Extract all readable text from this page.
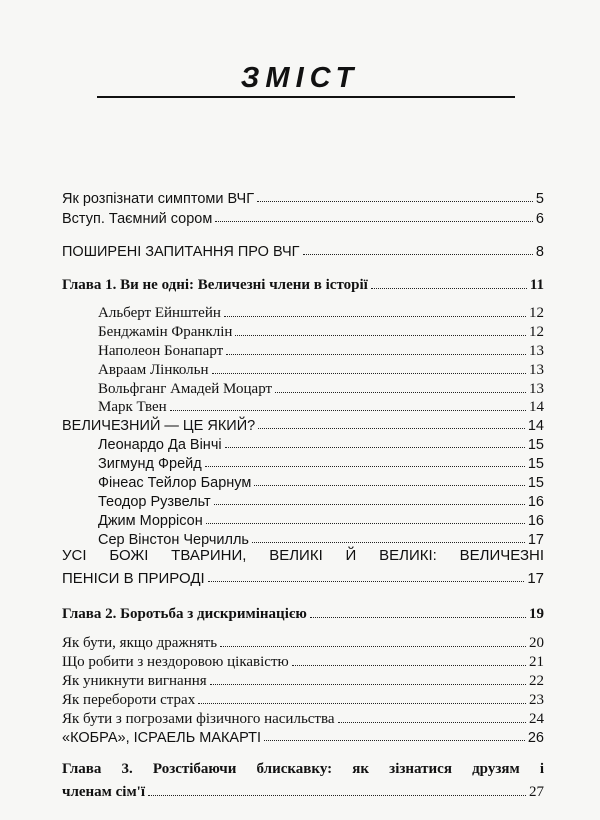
ЗМІСТ
Як розпізнати симптоми ВЧГ	5
Вступ. Таємний сором	6
ПОШИРЕНІ ЗАПИТАННЯ ПРО ВЧГ	8
Глава 1. Ви не одні: Величезні члени в історії	11
Альберт Ейнштейн	12
Бенджамін Франклін	12
Наполеон Бонапарт	13
Авраам Лінкольн	13
Вольфганг Амадей Моцарт	13
Марк Твен	14
ВЕЛИЧЕЗНИЙ — ЦЕ ЯКИЙ?	14
Леонардо Да Вінчі	15
Зигмунд Фрейд	15
Фінеас Тейлор Барнум	15
Теодор Рузвельт	16
Джим Моррісон	16
Сер Вінстон Черчилль	17
УСІ БОЖІ ТВАРИНИ, ВЕЛИКІ Й ВЕЛИКІ: ВЕЛИЧЕЗНІ
ПЕНІСИ В ПРИРОДІ	17
Глава 2. Боротьба з дискримінацією	19
Як бути, якщо дражнять	20
Що робити з нездоровою цікавістю	21
Як уникнути вигнання	22
Як перебороти страх	23
Як бути з погрозами фізичного насильства	24
«КОБРА», ІСРАЕЛЬ МАКАРТІ	26
Глава 3. Розстібаючи блискавку: як зізнатися друзям і
членам сім'ї	27
